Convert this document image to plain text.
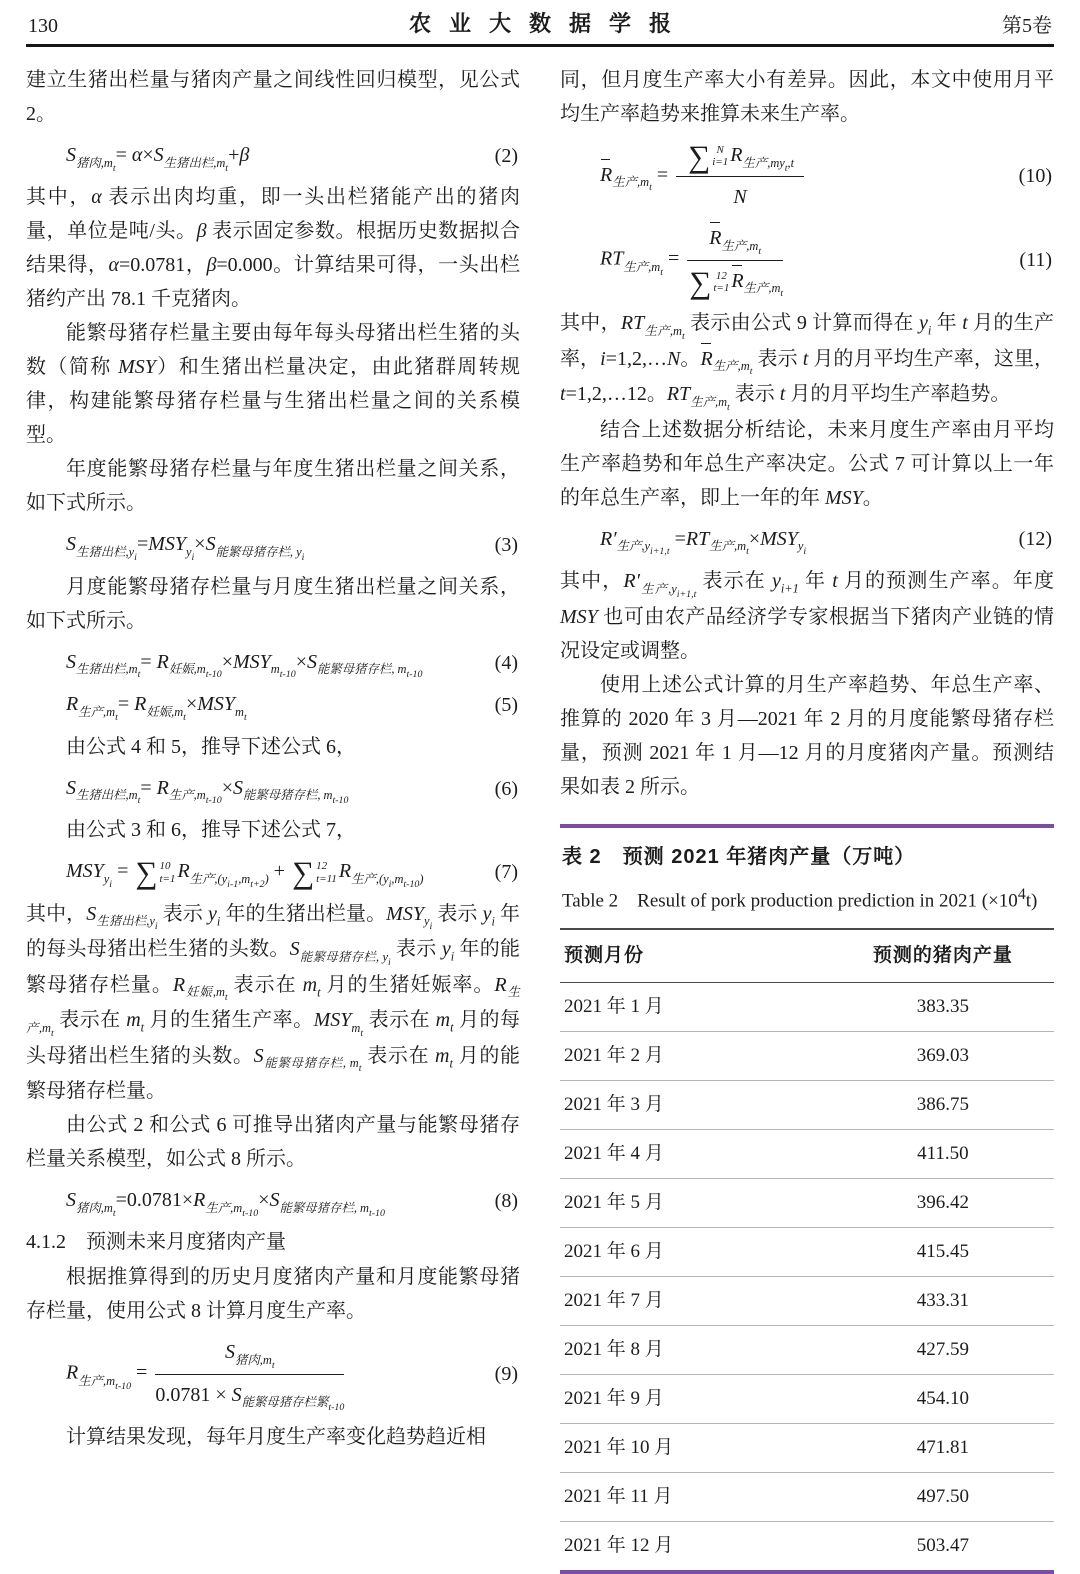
130	农业大数据学报	第5卷
建立生猪出栏量与猪肉产量之间线性回归模型，见公式 2。
$S_{猪肉,m_t}= \alpha\times S_{生猪出栏,m_t}+\beta$	(2)
其中，α 表示出肉均重，即一头出栏猪能产出的猪肉量，单位是吨/头。β 表示固定参数。根据历史数据拟合结果得，α=0.0781，β=0.000。计算结果可得，一头出栏猪约产出 78.1 千克猪肉。
能繁母猪存栏量主要由每年每头母猪出栏生猪的头数（简称 MSY）和生猪出栏量决定，由此猪群周转规律，构建能繁母猪存栏量与生猪出栏量之间的关系模型。
年度能繁母猪存栏量与年度生猪出栏量之间关系，如下式所示。
$S_{生猪出栏,y_i}=MSY_{y_i}\times S_{能繁母猪存栏, y_i}$
(3)
月度能繁母猪存栏量与月度生猪出栏量之间关系，如下式所示。
$S_{生猪出栏,m_t}= R_{妊娠,m_{t-10}}\times MSY_{m_{t-10}}\times S_{能繁母猪存栏, m_{t-10}}$
(4)
$R_{生产,m_t}= R_{妊娠,m_t}\times MSY_{m_t}$
(5)
由公式 4 和 5，推导下述公式 6，
$S_{生猪出栏,m_t}= R_{生产,m_{t-10}}\times S_{能繁母猪存栏, m_{t-10}}$
(6)
由公式 3 和 6，推导下述公式 7，
$MSY_{y_i}$ = ∑ 10
t=1 $R_{生产,(y_{i-1},m_{t+2})}$ + ∑ 12
t=11 $R_{生产,(y_i,m_{t-10})}$	(7)
其中，$S_{生猪出栏,y_i}$ 表示 $y_i$ 年的生猪出栏量。$MSY_{y_i}$ 表示 $y_i$ 年的每头母猪出栏生猪的头数。$S_{能繁母猪存栏, y_i}$ 表示 $y_i$ 年的能繁母猪存栏量。$R_{妊娠,m_t}$ 表示在 $m_t$ 月的生猪妊娠率。$R_{生产,m_t}$ 表示在 $m_t$ 月的生猪生产率。$MSY_{m_t}$ 表示在 $m_t$ 月的每头母猪出栏生猪的头数。$S_{能繁母猪存栏, m_t}$ 表示在 $m_t$ 月的能繁母猪存栏量。
由公式 2 和公式 6 可推导出猪肉产量与能繁母猪存栏量关系模型，如公式 8 所示。
$S_{猪肉,m_t}=0.0781\times R_{生产,m_{t-10}}\times S_{能繁母猪存栏, m_{t-10}}$
(8)
4.1.2　预测未来月度猪肉产量
根据推算得到的历史月度猪肉产量和月度能繁母猪存栏量，使用公式 8 计算月度生产率。
$R_{生产,m_{t-10}} = \frac{S_{猪肉,m_t}}{0.0781 \times S_{能繁母猪存栏繁_{t-10}}}$	(9)
计算结果发现，每年月度生产率变化趋势趋近相
同，但月度生产率大小有差异。因此，本文中使用月平均生产率趋势来推算未来生产率。
$R_{生产,m_t}$ = ∑ N
i=1 $R_{生产,my_t,t}$
N	(10)
$RT_{生产,m_t} = R_{生产,m_t}$
∑ 12
t=1 $R_{生产,m_t}$	(11)
其中，$RT_{生产,m_t}$ 表示由公式 9 计算而得在 $y_i$ 年 t 月的生产率，i=1,2,…N。$R_{生产,m_t}$ 表示 t 月的月平均生产率，这里，t=1,2,…12。$RT_{生产,m_t}$ 表示 t 月的月平均生产率趋势。
结合上述数据分析结论，未来月度生产率由月平均生产率趋势和年总生产率决定。公式 7 可计算以上一年的年总生产率，即上一年的年 MSY。
$R'_{生产,y_{i+1,t}} =RT_{生产,m_t}\times MSY_{y_i}$
(12)
其中，$R'_{生产,y_{i+1,t}}$ 表示在 $y_{i+1}$ 年 t 月的预测生产率。年度 MSY 也可由农产品经济学专家根据当下猪肉产业链的情况设定或调整。
使用上述公式计算的月生产率趋势、年总生产率、推算的 2020 年 3 月—2021 年 2 月的月度能繁母猪存栏量，预测 2021 年 1 月—12 月的月度猪肉产量。预测结果如表 2 所示。
表 2　预测 2021 年猪肉产量（万吨）
Table 2　Result of pork production prediction in 2021 $(\times 10^4t)$
预测月份	预测的猪肉产量
2021 年 1 月	383.35
2021 年 2 月	369.03
2021 年 3 月	386.75
2021 年 4 月	411.50
2021 年 5 月	396.42
2021 年 6 月	415.45
2021 年 7 月	433.31
2021 年 8 月	427.59
2021 年 9 月	454.10
2021 年 10 月	471.81
2021 年 11 月	497.50
2021 年 12 月	503.47
